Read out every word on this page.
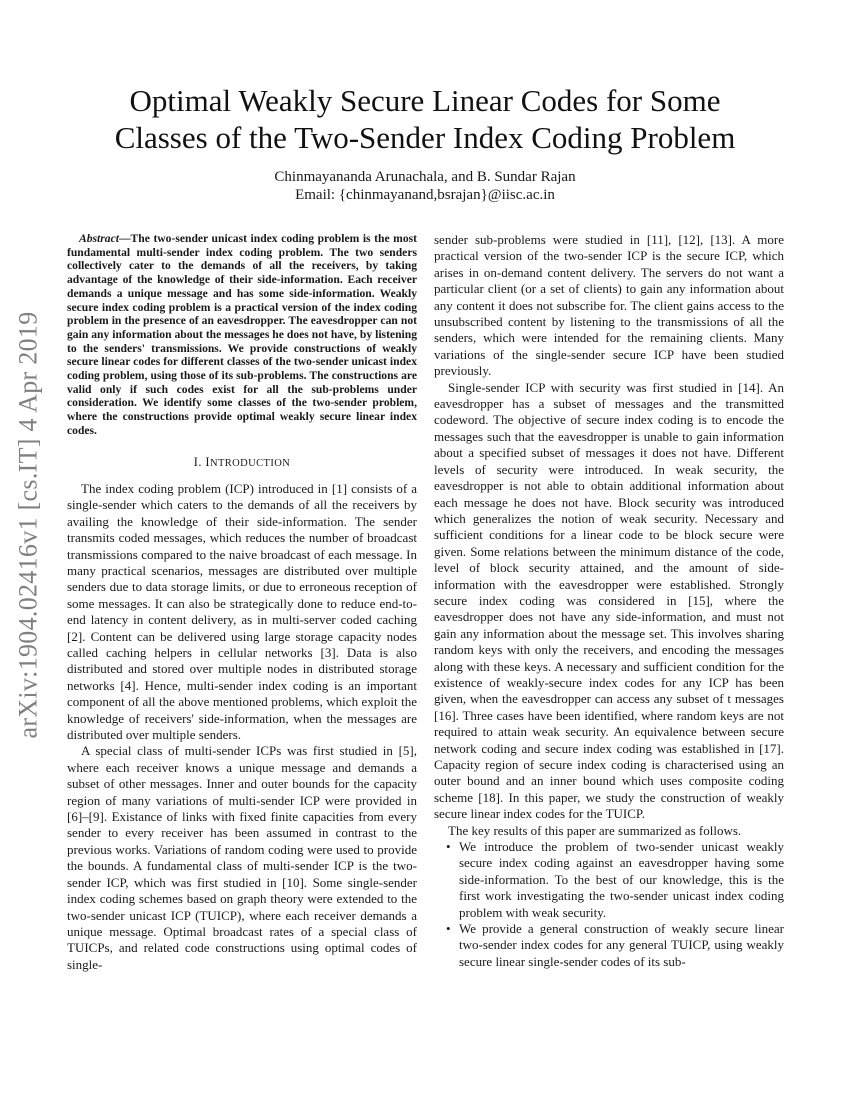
arXiv:1904.02416v1 [cs.IT] 4 Apr 2019
Optimal Weakly Secure Linear Codes for Some
Classes of the Two-Sender Index Coding Problem
Chinmayananda Arunachala, and B. Sundar Rajan
Email: {chinmayanand,bsrajan}@iisc.ac.in

Abstract—The two-sender unicast index coding problem is the most fundamental multi-sender index coding problem. The two senders collectively cater to the demands of all the receivers, by taking advantage of the knowledge of their side-information. Each receiver demands a unique message and has some side-information. Weakly secure index coding problem is a practical version of the index coding problem in the presence of an eavesdropper. The eavesdropper can not gain any information about the messages he does not have, by listening to the senders' transmissions. We provide constructions of weakly secure linear codes for different classes of the two-sender unicast index coding problem, using those of its sub-problems. The constructions are valid only if such codes exist for all the sub-problems under consideration. We identify some classes of the two-sender problem, where the constructions provide optimal weakly secure linear index codes.

I. INTRODUCTION

The index coding problem (ICP) introduced in [1] consists of a single-sender which caters to the demands of all the receivers by availing the knowledge of their side-information. The sender transmits coded messages, which reduces the number of broadcast transmissions compared to the naive broadcast of each message. In many practical scenarios, messages are distributed over multiple senders due to data storage limits, or due to erroneous reception of some messages. It can also be strategically done to reduce end-to-end latency in content delivery, as in multi-server coded caching [2]. Content can be delivered using large storage capacity nodes called caching helpers in cellular networks [3]. Data is also distributed and stored over multiple nodes in distributed storage networks [4]. Hence, multi-sender index coding is an important component of all the above mentioned problems, which exploit the knowledge of receivers' side-information, when the messages are distributed over multiple senders.

A special class of multi-sender ICPs was first studied in [5], where each receiver knows a unique message and demands a subset of other messages. Inner and outer bounds for the capacity region of many variations of multi-sender ICP were provided in [6]–[9]. Existance of links with fixed finite capacities from every sender to every receiver has been assumed in contrast to the previous works. Variations of random coding were used to provide the bounds. A fundamental class of multi-sender ICP is the two-sender ICP, which was first studied in [10]. Some single-sender index coding schemes based on graph theory were extended to the two-sender unicast ICP (TUICP), where each receiver demands a unique message. Optimal broadcast rates of a special class of TUICPs, and related code constructions using optimal codes of single-

sender sub-problems were studied in [11], [12], [13]. A more practical version of the two-sender ICP is the secure ICP, which arises in on-demand content delivery. The servers do not want a particular client (or a set of clients) to gain any information about any content it does not subscribe for. The client gains access to the unsubscribed content by listening to the transmissions of all the senders, which were intended for the remaining clients. Many variations of the single-sender secure ICP have been studied previously.

Single-sender ICP with security was first studied in [14]. An eavesdropper has a subset of messages and the transmitted codeword. The objective of secure index coding is to encode the messages such that the eavesdropper is unable to gain information about a specified subset of messages it does not have. Different levels of security were introduced. In weak security, the eavesdropper is not able to obtain additional information about each message he does not have. Block security was introduced which generalizes the notion of weak security. Necessary and sufficient conditions for a linear code to be block secure were given. Some relations between the minimum distance of the code, level of block security attained, and the amount of side-information with the eavesdropper were established. Strongly secure index coding was considered in [15], where the eavesdropper does not have any side-information, and must not gain any information about the message set. This involves sharing random keys with only the receivers, and encoding the messages along with these keys. A necessary and sufficient condition for the existence of weakly-secure index codes for any ICP has been given, when the eavesdropper can access any subset of t messages [16]. Three cases have been identified, where random keys are not required to attain weak security. An equivalence between secure network coding and secure index coding was established in [17]. Capacity region of secure index coding is characterised using an outer bound and an inner bound which uses composite coding scheme [18]. In this paper, we study the construction of weakly secure linear index codes for the TUICP.

The key results of this paper are summarized as follows.

• We introduce the problem of two-sender unicast weakly secure index coding against an eavesdropper having some side-information. To the best of our knowledge, this is the first work investigating the two-sender unicast index coding problem with weak security.
• We provide a general construction of weakly secure linear two-sender index codes for any general TUICP, using weakly secure linear single-sender codes of its sub-
